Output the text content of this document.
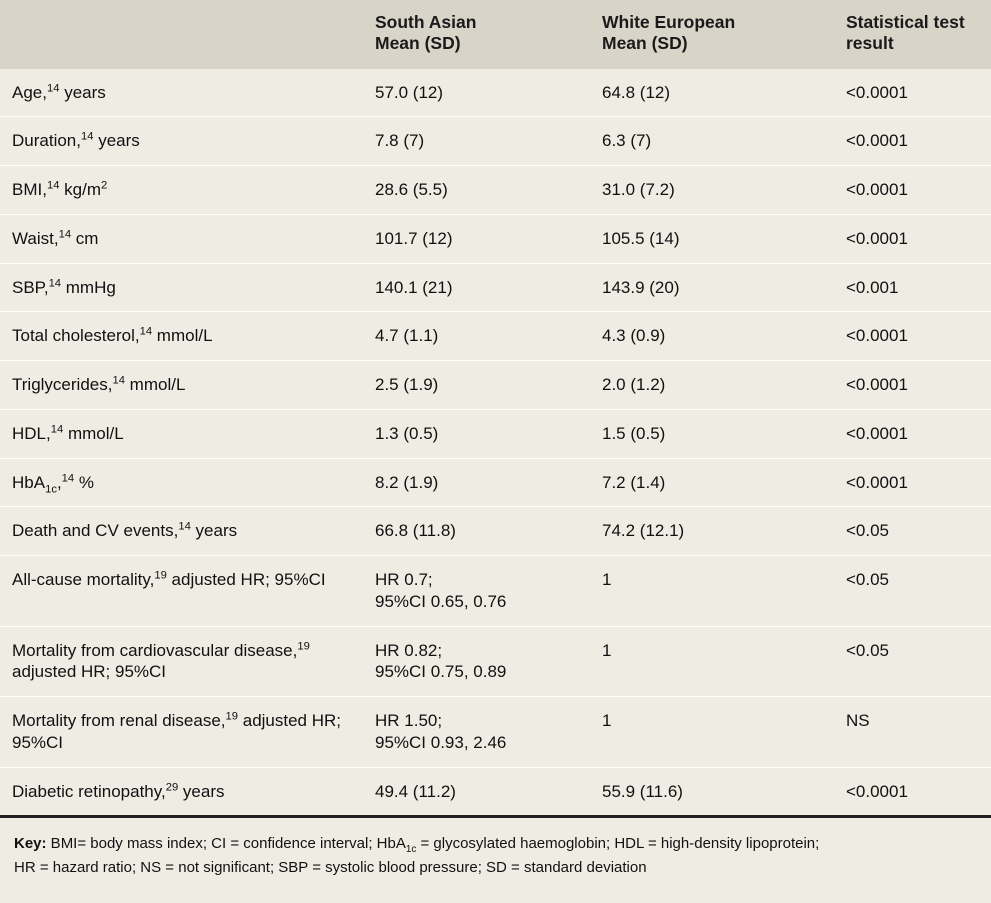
	South Asian
Mean (SD)	White European
Mean (SD)	Statistical test
result

Age,$^{14}$ years	57.0 (12)	64.8 (12)	<0.0001
Duration,$^{14}$ years	7.8 (7)	6.3 (7)	<0.0001
BMI,$^{14}$ $kg/m^2$	28.6 (5.5)	31.0 (7.2)	<0.0001
Waist,$^{14}$ cm	101.7 (12)	105.5 (14)	<0.0001
SBP,$^{14}$ mmHg	140.1 (21)	143.9 (20)	<0.001
Total cholesterol,$^{14}$ mmol/L	4.7 (1.1)	4.3 (0.9)	<0.0001
Triglycerides,$^{14}$ mmol/L	2.5 (1.9)	2.0 (1.2)	<0.0001
HDL,$^{14}$ mmol/L	1.3 (0.5)	1.5 (0.5)	<0.0001
HbA$_{1c}$,$^{14}$ %	8.2 (1.9)	7.2 (1.4)	<0.0001
Death and CV events,$^{14}$ years	66.8 (11.8)	74.2 (12.1)	<0.05
All-cause mortality,$^{19}$ adjusted HR; 95%CI	HR 0.7;
95%CI 0.65, 0.76	1	<0.05
Mortality from cardiovascular disease,$^{19}$ adjusted HR; 95%CI	HR 0.82;
95%CI 0.75, 0.89	1	<0.05
Mortality from renal disease,$^{19}$ adjusted HR; 95%CI	HR 1.50;
95%CI 0.93, 2.46	1	NS
Diabetic retinopathy,$^{29}$ years	49.4 (11.2)	55.9 (11.6)	<0.0001
Key: BMI= body mass index; CI = confidence interval; HbA$_{1c}$ = glycosylated haemoglobin; HDL = high-density lipoprotein;
HR = hazard ratio; NS = not significant; SBP = systolic blood pressure; SD = standard deviation
